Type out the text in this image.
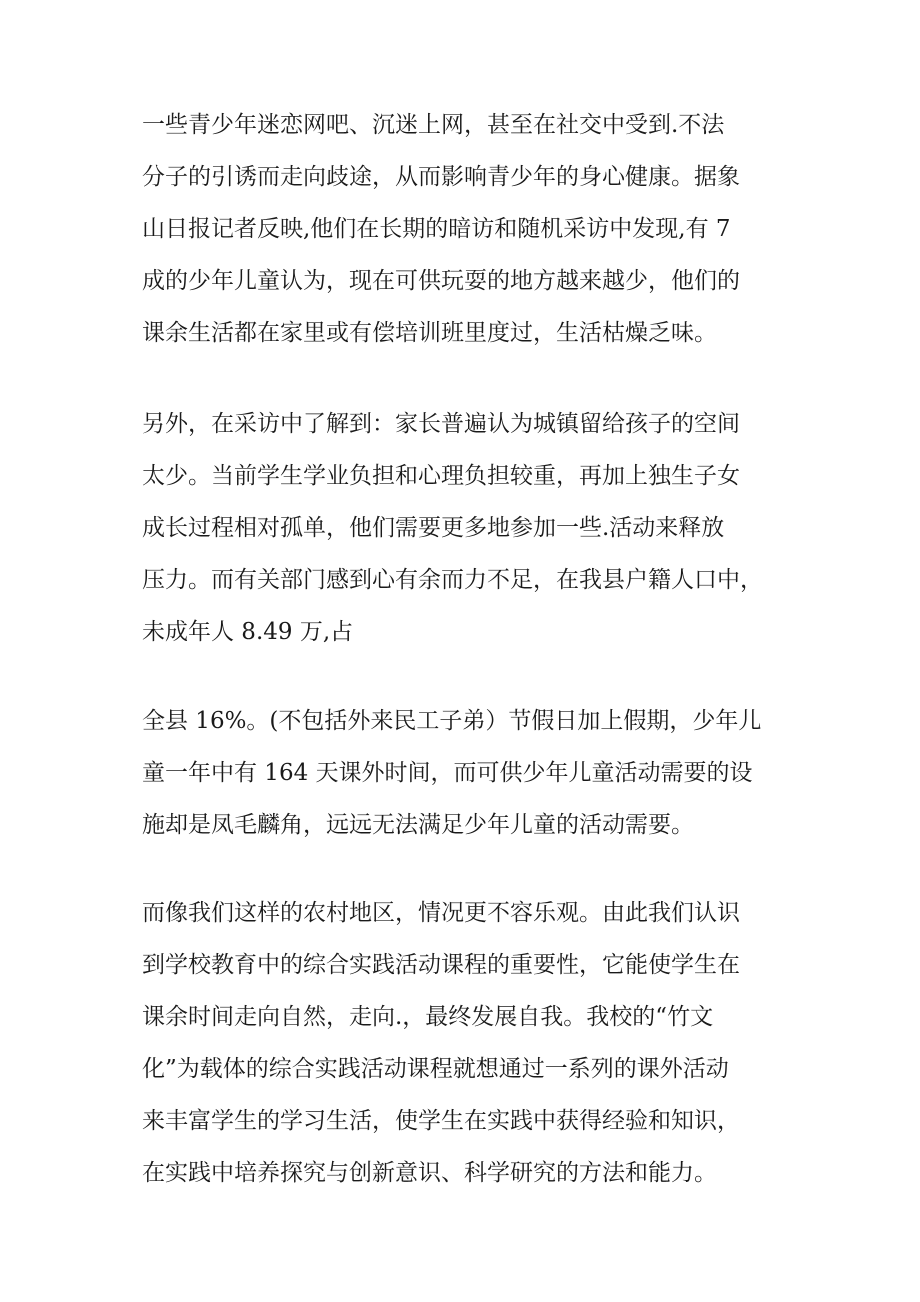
一些青少年迷恋网吧、沉迷上网，甚至在社交中受到.不法
分子的引诱而走向歧途，从而影响青少年的身心健康。据象
山日报记者反映,他们在长期的暗访和随机采访中发现,有 7
成的少年儿童认为，现在可供玩耍的地方越来越少，他们的
课余生活都在家里或有偿培训班里度过，生活枯燥乏味。
另外，在采访中了解到：家长普遍认为城镇留给孩子的空间
太少。当前学生学业负担和心理负担较重，再加上独生子女
成长过程相对孤单，他们需要更多地参加一些.活动来释放
压力。而有关部门感到心有余而力不足，在我县户籍人口中，
未成年人 8.49 万,占
全县 16%。(不包括外来民工子弟）节假日加上假期，少年儿
童一年中有 164 天课外时间，而可供少年儿童活动需要的设
施却是凤毛麟角，远远无法满足少年儿童的活动需要。
而像我们这样的农村地区，情况更不容乐观。由此我们认识
到学校教育中的综合实践活动课程的重要性，它能使学生在
课余时间走向自然，走向.，最终发展自我。我校的“竹文
化”为载体的综合实践活动课程就想通过一系列的课外活动
来丰富学生的学习生活，使学生在实践中获得经验和知识，
在实践中培养探究与创新意识、科学研究的方法和能力。
